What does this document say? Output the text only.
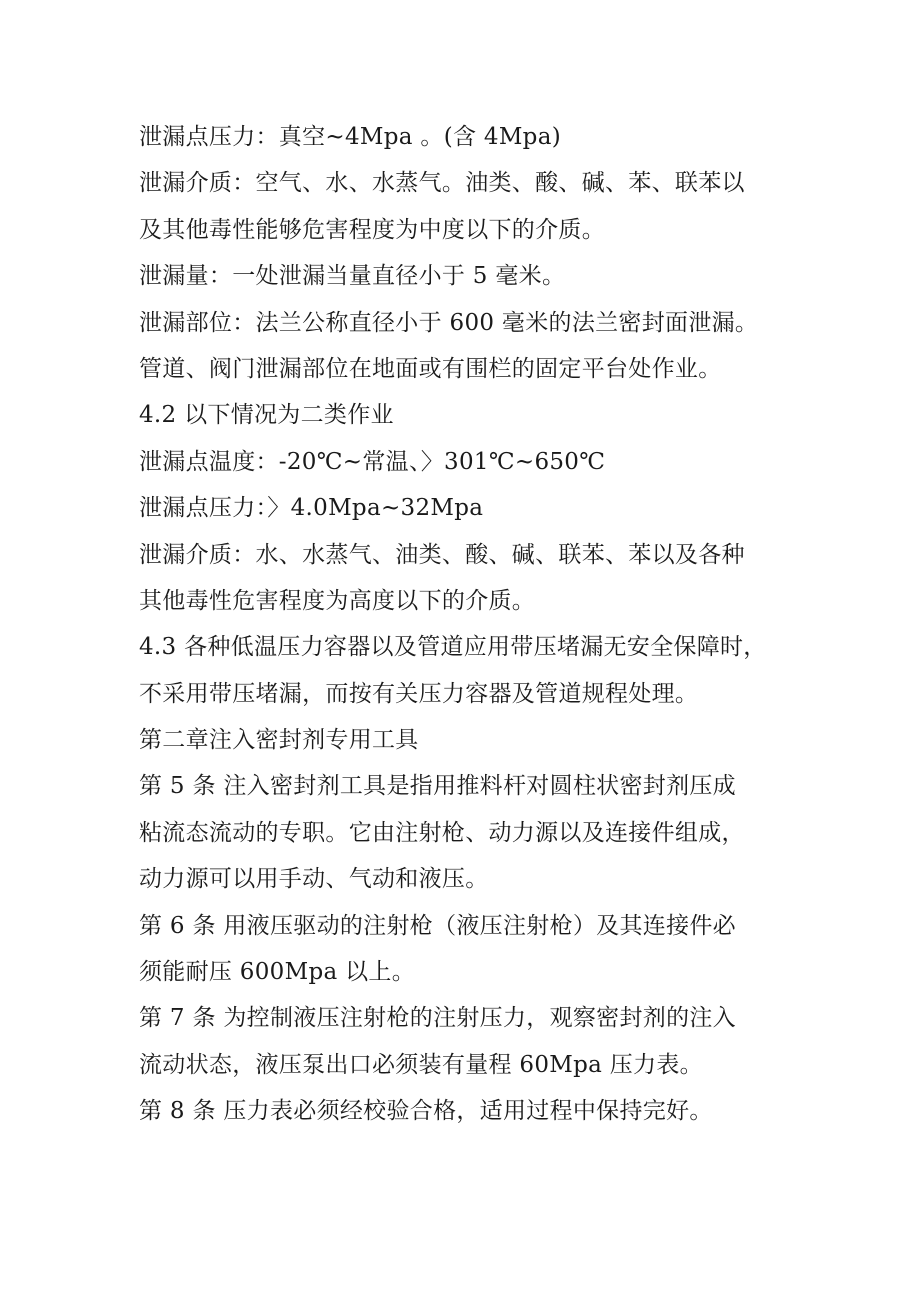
泄漏点压力：真空~4Mpa 。(含 4Mpa)
泄漏介质：空气、水、水蒸气。油类、酸、碱、苯、联苯以
及其他毒性能够危害程度为中度以下的介质。
泄漏量：一处泄漏当量直径小于 5 毫米。
泄漏部位：法兰公称直径小于 600 毫米的法兰密封面泄漏。
管道、阀门泄漏部位在地面或有围栏的固定平台处作业。
4.2 以下情况为二类作业
泄漏点温度：-20℃~常温、〉301℃~650℃
泄漏点压力：〉4.0Mpa~32Mpa
泄漏介质：水、水蒸气、油类、酸、碱、联苯、苯以及各种
其他毒性危害程度为高度以下的介质。
4.3 各种低温压力容器以及管道应用带压堵漏无安全保障时，
不采用带压堵漏，而按有关压力容器及管道规程处理。
第二章注入密封剂专用工具
第 5 条 注入密封剂工具是指用推料杆对圆柱状密封剂压成
粘流态流动的专职。它由注射枪、动力源以及连接件组成，
动力源可以用手动、气动和液压。
第 6 条 用液压驱动的注射枪（液压注射枪）及其连接件必
须能耐压 600Mpa 以上。
第 7 条 为控制液压注射枪的注射压力，观察密封剂的注入
流动状态，液压泵出口必须装有量程 60Mpa 压力表。
第 8 条 压力表必须经校验合格，适用过程中保持完好。
